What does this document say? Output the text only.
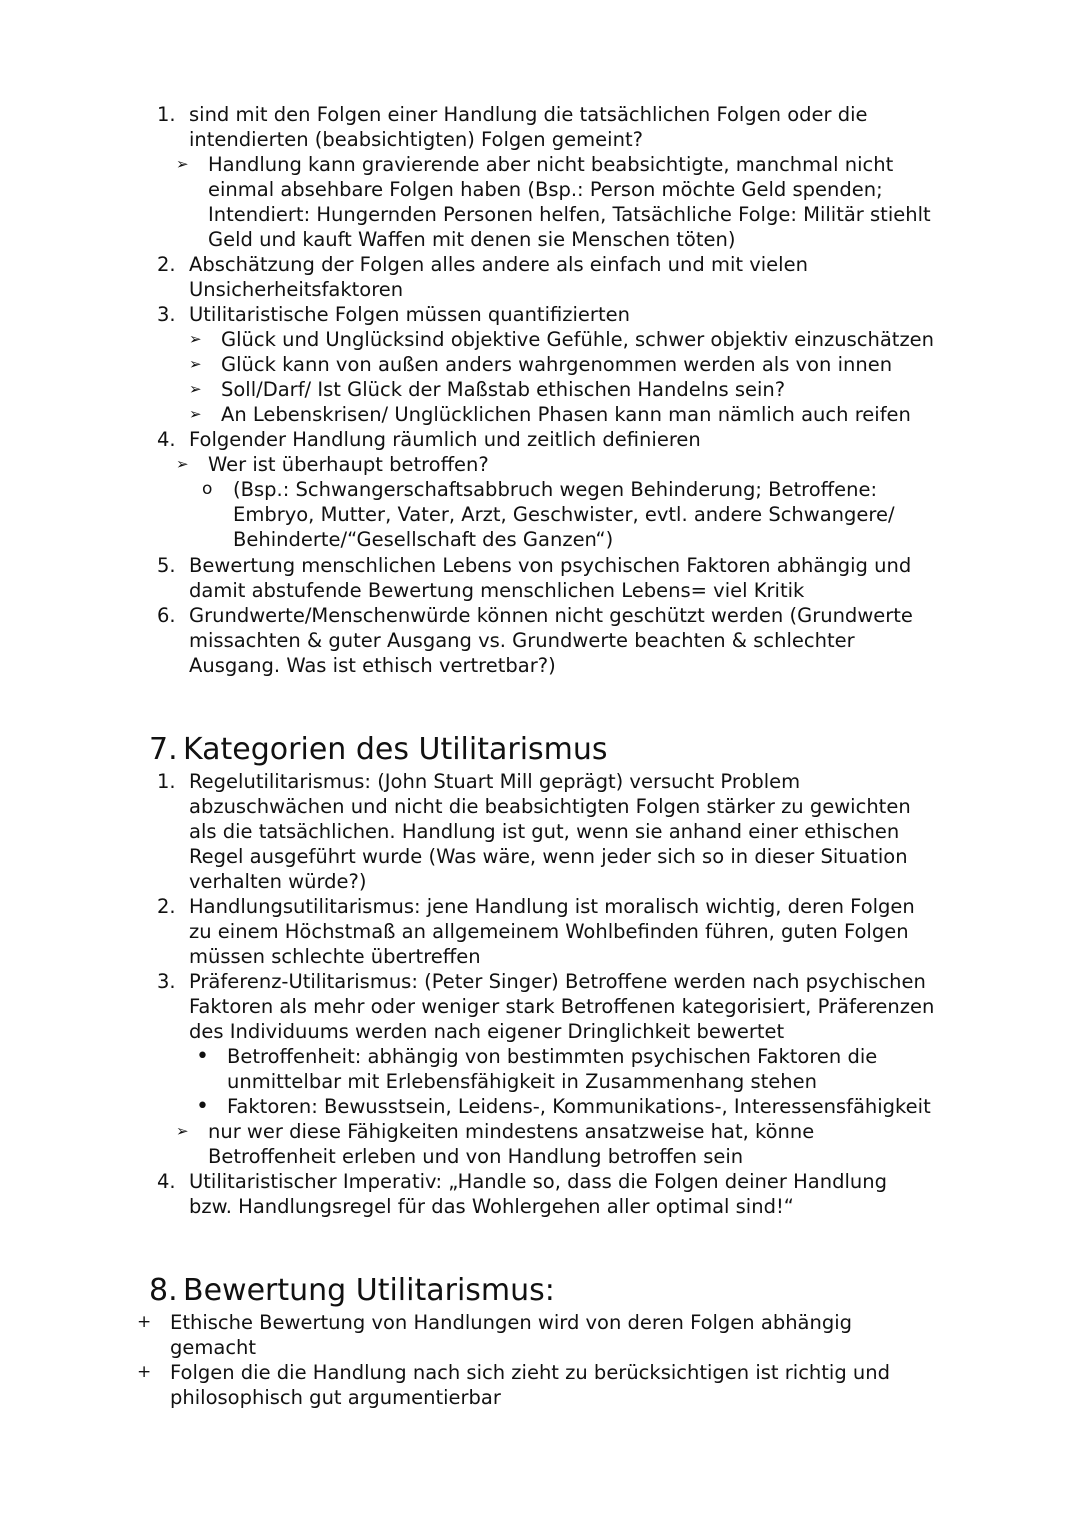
1. sind mit den Folgen einer Handlung die tatsächlichen Folgen oder die
intendierten (beabsichtigten) Folgen gemeint?
➢ Handlung kann gravierende aber nicht beabsichtigte, manchmal nicht
einmal absehbare Folgen haben (Bsp.: Person möchte Geld spenden;
Intendiert: Hungernden Personen helfen, Tatsächliche Folge: Militär stiehlt
Geld und kauft Waffen mit denen sie Menschen töten)
2. Abschätzung der Folgen alles andere als einfach und mit vielen
Unsicherheitsfaktoren
3. Utilitaristische Folgen müssen quantifizierten
➢ Glück und Unglücksind objektive Gefühle, schwer objektiv einzuschätzen
➢ Glück kann von außen anders wahrgenommen werden als von innen
➢ Soll/Darf/ Ist Glück der Maßstab ethischen Handelns sein?
➢ An Lebenskrisen/ Unglücklichen Phasen kann man nämlich auch reifen
4. Folgender Handlung räumlich und zeitlich definieren
➢ Wer ist überhaupt betroffen?
o (Bsp.: Schwangerschaftsabbruch wegen Behinderung; Betroffene:
Embryo, Mutter, Vater, Arzt, Geschwister, evtl. andere Schwangere/
Behinderte/“Gesellschaft des Ganzen“)
5. Bewertung menschlichen Lebens von psychischen Faktoren abhängig und
damit abstufende Bewertung menschlichen Lebens= viel Kritik
6. Grundwerte/Menschenwürde können nicht geschützt werden (Grundwerte
missachten & guter Ausgang vs. Grundwerte beachten & schlechter
Ausgang. Was ist ethisch vertretbar?)
7. Kategorien des Utilitarismus
1. Regelutilitarismus: (John Stuart Mill geprägt) versucht Problem
abzuschwächen und nicht die beabsichtigten Folgen stärker zu gewichten
als die tatsächlichen. Handlung ist gut, wenn sie anhand einer ethischen
Regel ausgeführt wurde (Was wäre, wenn jeder sich so in dieser Situation
verhalten würde?)
2. Handlungsutilitarismus: jene Handlung ist moralisch wichtig, deren Folgen
zu einem Höchstmaß an allgemeinem Wohlbefinden führen, guten Folgen
müssen schlechte übertreffen
3. Präferenz-Utilitarismus: (Peter Singer) Betroffene werden nach psychischen
Faktoren als mehr oder weniger stark Betroffenen kategorisiert, Präferenzen
des Individuums werden nach eigener Dringlichkeit bewertet
• Betroffenheit: abhängig von bestimmten psychischen Faktoren die
unmittelbar mit Erlebensfähigkeit in Zusammenhang stehen
• Faktoren: Bewusstsein, Leidens-, Kommunikations-, Interessensfähigkeit
➢ nur wer diese Fähigkeiten mindestens ansatzweise hat, könne
Betroffenheit erleben und von Handlung betroffen sein
4. Utilitaristischer Imperativ: „Handle so, dass die Folgen deiner Handlung
bzw. Handlungsregel für das Wohlergehen aller optimal sind!“
8. Bewertung Utilitarismus:
+ Ethische Bewertung von Handlungen wird von deren Folgen abhängig
gemacht
+ Folgen die die Handlung nach sich zieht zu berücksichtigen ist richtig und
philosophisch gut argumentierbar
